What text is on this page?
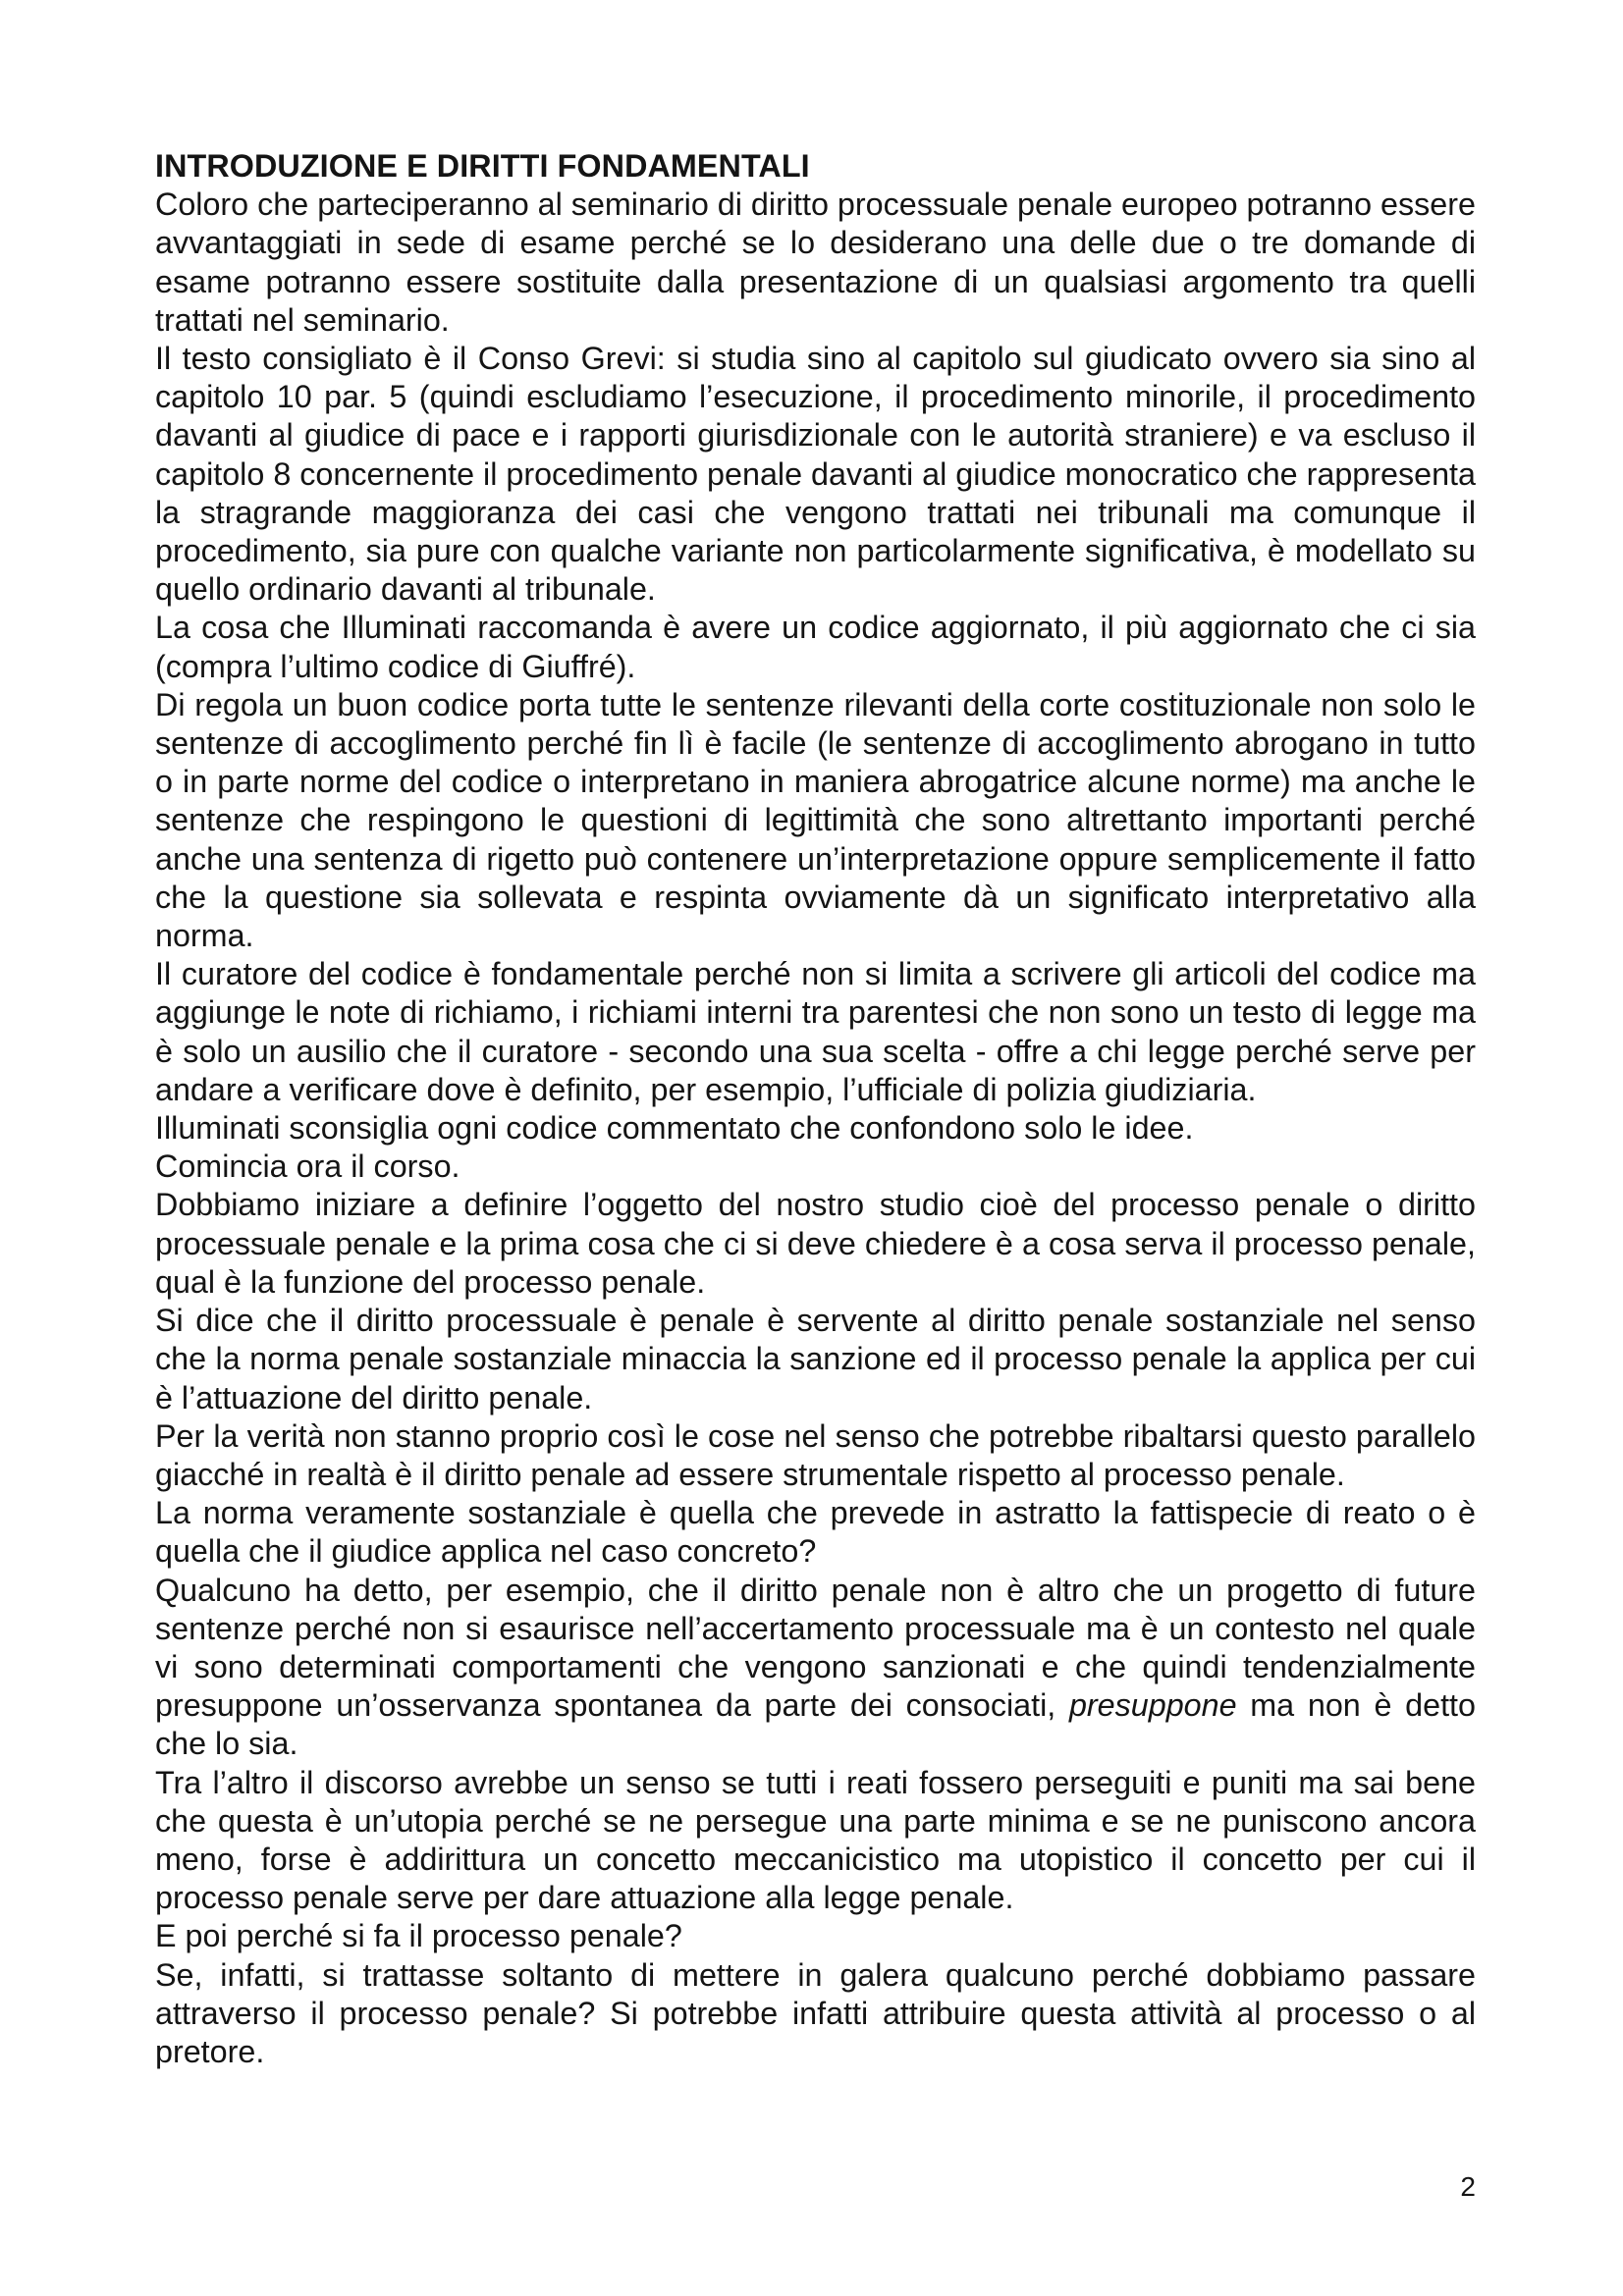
INTRODUZIONE E DIRITTI FONDAMENTALI

Coloro che parteciperanno al seminario di diritto processuale penale europeo potranno essere avvantaggiati in sede di esame perché se lo desiderano una delle due o tre domande di esame potranno essere sostituite dalla presentazione di un qualsiasi argomento tra quelli trattati nel seminario.

Il testo consigliato è il Conso Grevi: si studia sino al capitolo sul giudicato ovvero sia sino al capitolo 10 par. 5 (quindi escludiamo l’esecuzione, il procedimento minorile, il procedimento davanti al giudice di pace e i rapporti giurisdizionale con le autorità straniere) e va escluso il capitolo 8 concernente il procedimento penale davanti al giudice monocratico che rappresenta la stragrande maggioranza dei casi che vengono trattati nei tribunali ma comunque il procedimento, sia pure con qualche variante non particolarmente significativa, è modellato su quello ordinario davanti al tribunale.

La cosa che Illuminati raccomanda è avere un codice aggiornato, il più aggiornato che ci sia (compra l’ultimo codice di Giuffré).

Di regola un buon codice porta tutte le sentenze rilevanti della corte costituzionale non solo le sentenze di accoglimento perché fin lì è facile (le sentenze di accoglimento abrogano in tutto o in parte norme del codice o interpretano in maniera abrogatrice alcune norme) ma anche le sentenze che respingono le questioni di legittimità che sono altrettanto importanti perché anche una sentenza di rigetto può contenere un’interpretazione oppure semplicemente il fatto che la questione sia sollevata e respinta ovviamente dà un significato interpretativo alla norma.

Il curatore del codice è fondamentale perché non si limita a scrivere gli articoli del codice ma aggiunge le note di richiamo, i richiami interni tra parentesi che non sono un testo di legge ma è solo un ausilio che il curatore - secondo una sua scelta - offre a chi legge perché serve per andare a verificare dove è definito, per esempio, l’ufficiale di polizia giudiziaria.

Illuminati sconsiglia ogni codice commentato che confondono solo le idee.

Comincia ora il corso.

Dobbiamo iniziare a definire l’oggetto del nostro studio cioè del processo penale o diritto processuale penale e la prima cosa che ci si deve chiedere è a cosa serva il processo penale, qual è la funzione del processo penale.

Si dice che il diritto processuale è penale è servente al diritto penale sostanziale nel senso che la norma penale sostanziale minaccia la sanzione ed il processo penale la applica per cui è l’attuazione del diritto penale.

Per la verità non stanno proprio così le cose nel senso che potrebbe ribaltarsi questo parallelo giacché in realtà è il diritto penale ad essere strumentale rispetto al processo penale.

La norma veramente sostanziale è quella che prevede in astratto la fattispecie di reato o è quella che il giudice applica nel caso concreto?

Qualcuno ha detto, per esempio, che il diritto penale non è altro che un progetto di future sentenze perché non si esaurisce nell’accertamento processuale ma è un contesto nel quale vi sono determinati comportamenti che vengono sanzionati e che quindi tendenzialmente presuppone un’osservanza spontanea da parte dei consociati, presuppone ma non è detto che lo sia.

Tra l’altro il discorso avrebbe un senso se tutti i reati fossero perseguiti e puniti ma sai bene che questa è un’utopia perché se ne persegue una parte minima e se ne puniscono ancora meno, forse è addirittura un concetto meccanicistico ma utopistico il concetto per cui il processo penale serve per dare attuazione alla legge penale.

E poi perché si fa il processo penale?

Se, infatti, si trattasse soltanto di mettere in galera qualcuno perché dobbiamo passare attraverso il processo penale? Si potrebbe infatti attribuire questa attività al processo o al pretore.

2
